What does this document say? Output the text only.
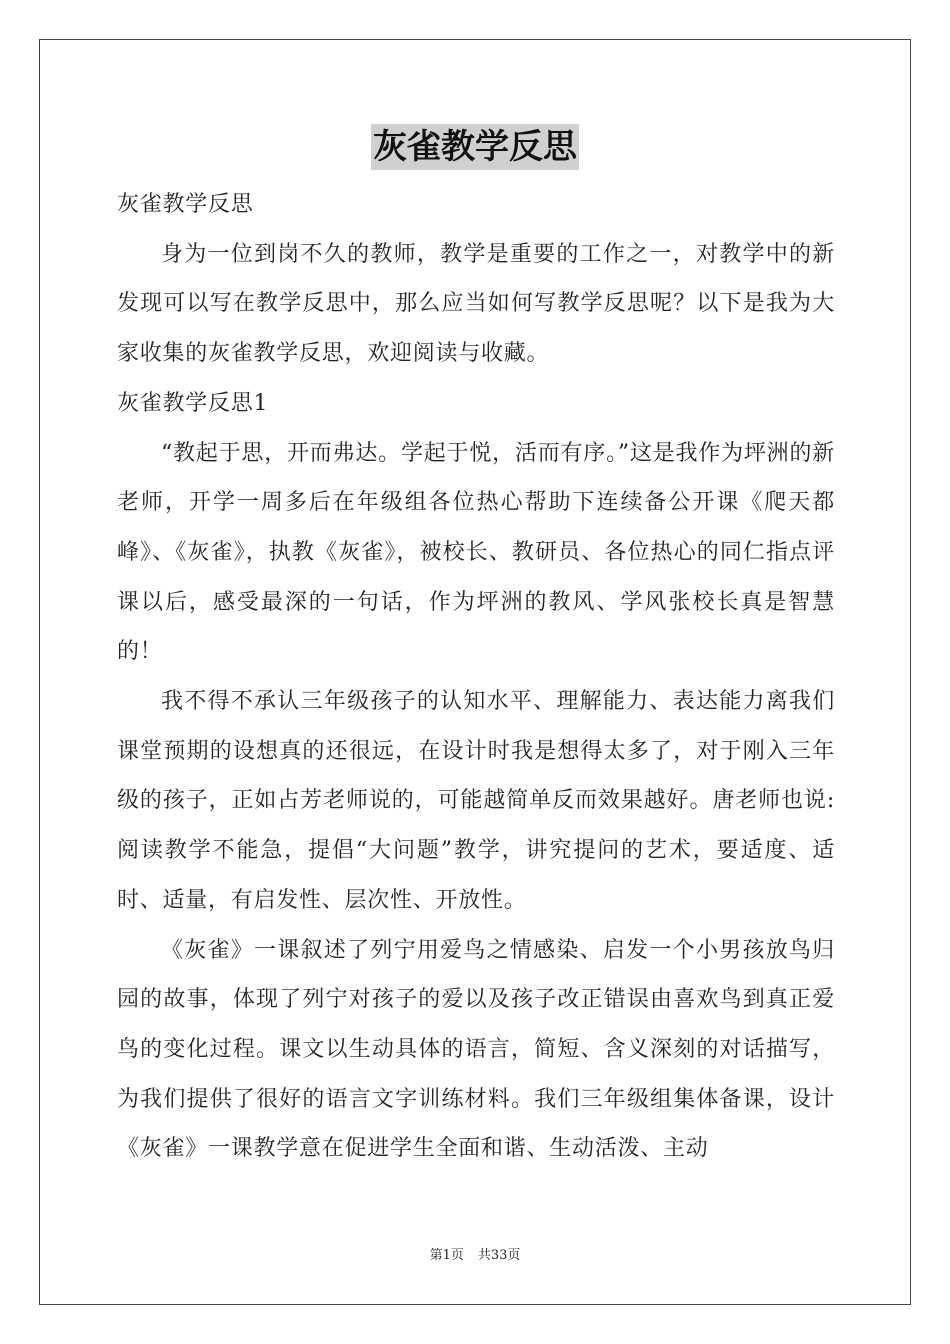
灰雀教学反思

灰雀教学反思

身为一位到岗不久的教师，教学是重要的工作之一，对教学中的新发现可以写在教学反思中，那么应当如何写教学反思呢？以下是我为大家收集的灰雀教学反思，欢迎阅读与收藏。

灰雀教学反思1

“教起于思，开而弗达。学起于悦，活而有序。”这是我作为坪洲的新老师，开学一周多后在年级组各位热心帮助下连续备公开课《爬天都峰》、《灰雀》，执教《灰雀》，被校长、教研员、各位热心的同仁指点评课以后，感受最深的一句话，作为坪洲的教风、学风张校长真是智慧的！

我不得不承认三年级孩子的认知水平、理解能力、表达能力离我们课堂预期的设想真的还很远，在设计时我是想得太多了，对于刚入三年级的孩子，正如占芳老师说的，可能越简单反而效果越好。唐老师也说:阅读教学不能急，提倡“大问题”教学，讲究提问的艺术，要适度、适时、适量，有启发性、层次性、开放性。

《灰雀》一课叙述了列宁用爱鸟之情感染、启发一个小男孩放鸟归园的故事，体现了列宁对孩子的爱以及孩子改正错误由喜欢鸟到真正爱鸟的变化过程。课文以生动具体的语言，简短、含义深刻的对话描写，为我们提供了很好的语言文字训练材料。我们三年级组集体备课，设计《灰雀》一课教学意在促进学生全面和谐、生动活泼、主动

第1页 共33页
